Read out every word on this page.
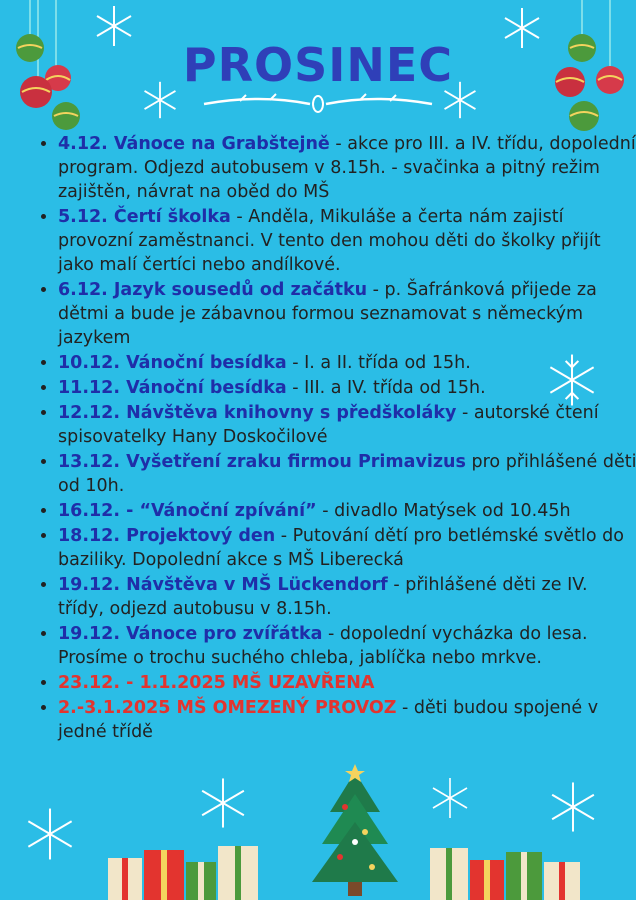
PROSINEC
• 4.12. Vánoce na Grabštejně - akce pro III. a IV. třídu, dopolední program. Odjezd autobusem v 8.15h. - svačinka a pitný režim zajištěn, návrat na oběd do MŠ
• 5.12. Čertí školka - Anděla, Mikuláše a čerta nám zajistí provozní zaměstnanci. V tento den mohou děti do školky přijít jako malí čertíci nebo andílkové.
• 6.12. Jazyk sousedů od začátku - p. Šafránková přijede za dětmi a bude je zábavnou formou seznamovat s německým jazykem
• 10.12. Vánoční besídka - I. a II. třída od 15h.
• 11.12. Vánoční besídka - III. a IV. třída od 15h.
• 12.12. Návštěva knihovny s předškoláky - autorské čtení spisovatelky Hany Doskočilové
• 13.12. Vyšetření zraku firmou Primavizus pro přihlášené děti od 10h.
• 16.12. - “Vánoční zpívání” - divadlo Matýsek od 10.45h
• 18.12. Projektový den - Putování dětí pro betlémské světlo do baziliky. Dopolední akce s MŠ Liberecká
• 19.12. Návštěva v MŠ Lückendorf - přihlášené děti ze IV. třídy, odjezd autobusu v 8.15h.
• 19.12. Vánoce pro zvířátka - dopolední vycházka do lesa. Prosíme o trochu suchého chleba, jablíčka nebo mrkve.
• 23.12. - 1.1.2025 MŠ UZAVŘENA
• 2.-3.1.2025 MŠ OMEZENÝ PROVOZ - děti budou spojené v jedné třídě
